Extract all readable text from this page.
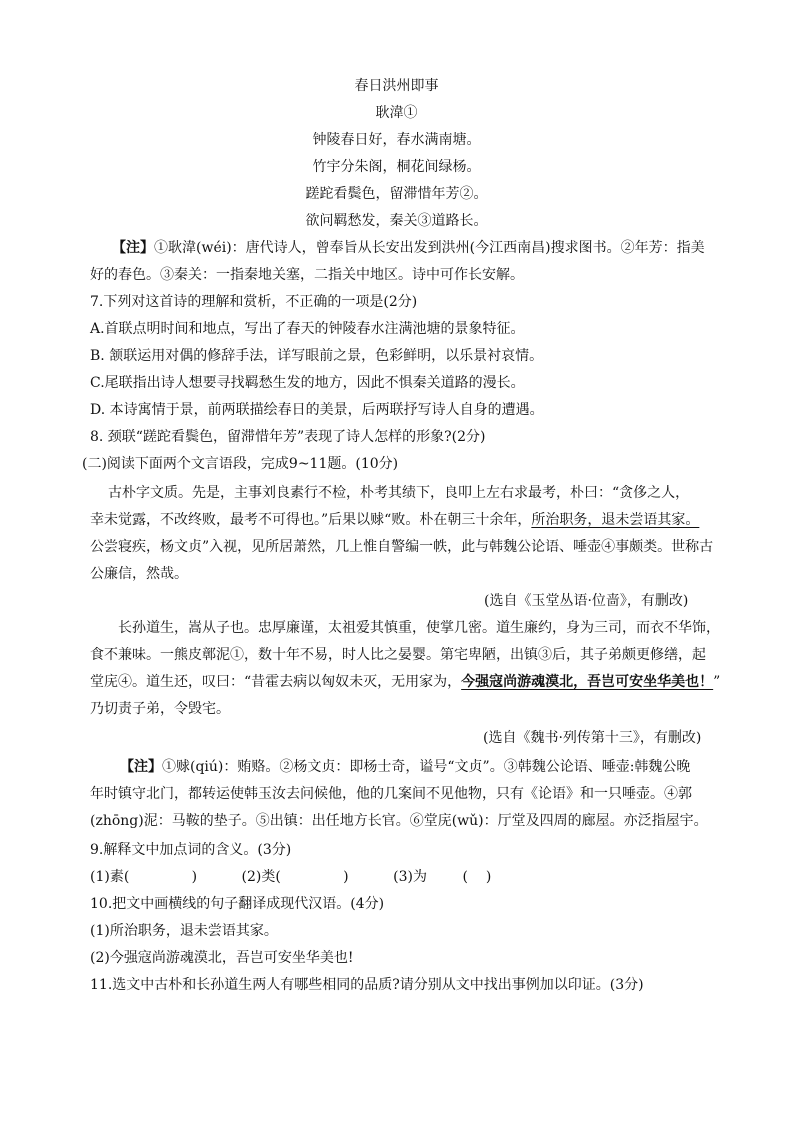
春日洪州即事
耿湋①
钟陵春日好，春水满南塘。
竹宇分朱阁，桐花间绿杨。
蹉跎看鬓色，留滞惜年芳②。
欲问羁愁发，秦关③道路长。
【注】①耿湋(wéi)：唐代诗人，曾奉旨从长安出发到洪州(今江西南昌)搜求图书。②年芳：指美
好的春色。③秦关：一指秦地关塞，二指关中地区。诗中可作长安解。
7.下列对这首诗的理解和赏析，不正确的一项是(2分)
A.首联点明时间和地点，写出了春天的钟陵春水注满池塘的景象特征。
B. 颔联运用对偶的修辞手法，详写眼前之景，色彩鲜明，以乐景衬哀情。
C.尾联指出诗人想要寻找羁愁生发的地方，因此不惧秦关道路的漫长。
D. 本诗寓情于景，前两联描绘春日的美景，后两联抒写诗人自身的遭遇。
8. 颈联“蹉跎看鬓色，留滞惜年芳”表现了诗人怎样的形象?(2分)
(二)阅读下面两个文言语段，完成9~11题。(10分)
古朴字文质。先是，主事刘良素行不检，朴考其绩下，良叩上左右求最考，朴曰：“贪侈之人，
幸未觉露，不改终败，最考不可得也。”后果以赇“败。朴在朝三十余年，所治职务，退未尝语其家。
公尝寝疾，杨文贞”入视，见所居萧然，几上惟自警编一帙，此与韩魏公论语、唾壶④事颇类。世称古
公廉信，然哉。
(选自《玉堂丛语·位啬》，有删改)
长孙道生，嵩从子也。忠厚廉谨，太祖爱其慎重，使掌几密。道生廉约，身为三司，而衣不华饰，
食不兼味。一熊皮鄣泥①，数十年不易，时人比之晏婴。第宅卑陋，出镇③后，其子弟颇更修缮，起
堂庑④。道生还，叹曰：“昔霍去病以匈奴未灭，无用家为，今强寇尚游魂漠北，吾岂可安坐华美也！”
乃切责子弟，令毁宅。
(选自《魏书·列传第十三》，有删改)
【注】①赇(qiú)：贿赂。②杨文贞：即杨士奇，谥号“文贞”。③韩魏公论语、唾壶:韩魏公晚
年时镇守北门，都转运使韩玉汝去问候他，他的几案间不见他物，只有《论语》和一只唾壶。④郭
(zhōng)泥：马鞍的垫子。⑤出镇：出任地方长官。⑥堂庑(wǔ)：厅堂及四周的廊屋。亦泛指屋宇。
9.解释文中加点词的含义。(3分)
(1)素(              )          (2)类(              )          (3)为        (    )
10.把文中画横线的句子翻译成现代汉语。(4分)
(1)所治职务，退未尝语其家。
(2)今强寇尚游魂漠北，吾岂可安坐华美也!
11.选文中古朴和长孙道生两人有哪些相同的品质?请分别从文中找出事例加以印证。(3分)
